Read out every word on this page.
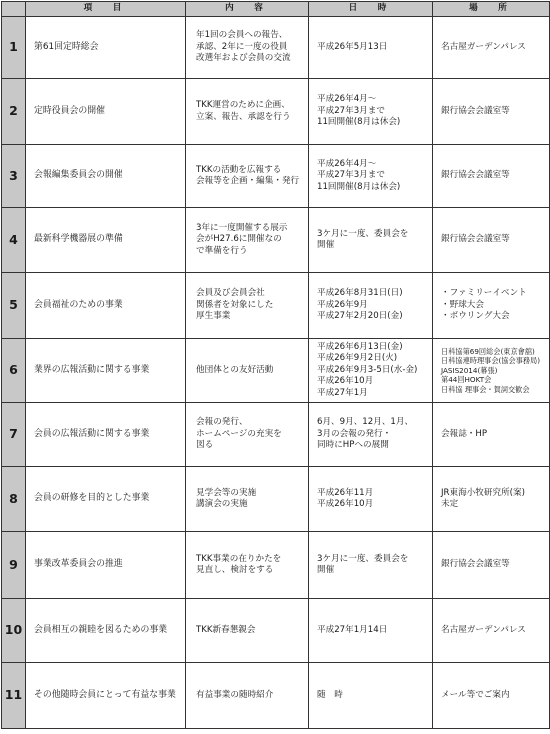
	項　目	内　容	日　時	場　所
1	第61回定時総会	年1回の会員への報告、
承認、2年に一度の役員
改選年および会員の交流	平成26年5月13日	名古屋ガーデンパレス

2	定時役員会の開催	TKK運営のために企画、
立案、報告、承認を行う	平成26年4月～
平成27年3月まで
11回開催(8月は休会)	銀行協会会議室等

3	会報編集委員会の開催	TKKの活動を広報する
会報等を企画・編集・発行	平成26年4月～
平成27年3月まで
11回開催(8月は休会)	銀行協会会議室等

4	最新科学機器展の準備	3年に一度開催する展示
会がH27.6に開催なの
で準備を行う	3ケ月に一度、委員会を
開催	銀行協会会議室等

5	会員福祉のための事業	会員及び会員会社
関係者を対象にした
厚生事業	平成26年8月31日(日)
平成26年9月
平成27年2月20日(金)	・ファミリーイベント
・野球大会
・ボウリング大会

6	業界の広報活動に関する事業	他団体との友好活動	平成26年6月13日(金)
平成26年9月2日(火)
平成26年9月3-5日(水-金)
平成26年10月
平成27年1月	日科協第69回総会(東京會舘)
日科協連時理事会(協会事務局)
JASIS2014(幕張)
第44回HOKT会
日科協 理事会・賀詞交歓会

7	会員の広報活動に関する事業	会報の発行、
ホームページの充実を
図る	6月、9月、12月、1月、
3月の会報の発行・
同時にHPへの展開	会報誌・HP

8	会員の研修を目的とした事業	見学会等の実施
講演会の実施	平成26年11月
平成26年10月	JR東海小牧研究所(案)
未定

9	事業改革委員会の推進	TKK事業の在りかたを
見直し、検討をする	3ケ月に一度、委員会を
開催	銀行協会会議室等

10	会員相互の親睦を図るための事業	TKK新春懇親会	平成27年1月14日	名古屋ガーデンパレス

11	その他随時会員にとって有益な事業	有益事業の随時紹介	随　時	メール等でご案内
